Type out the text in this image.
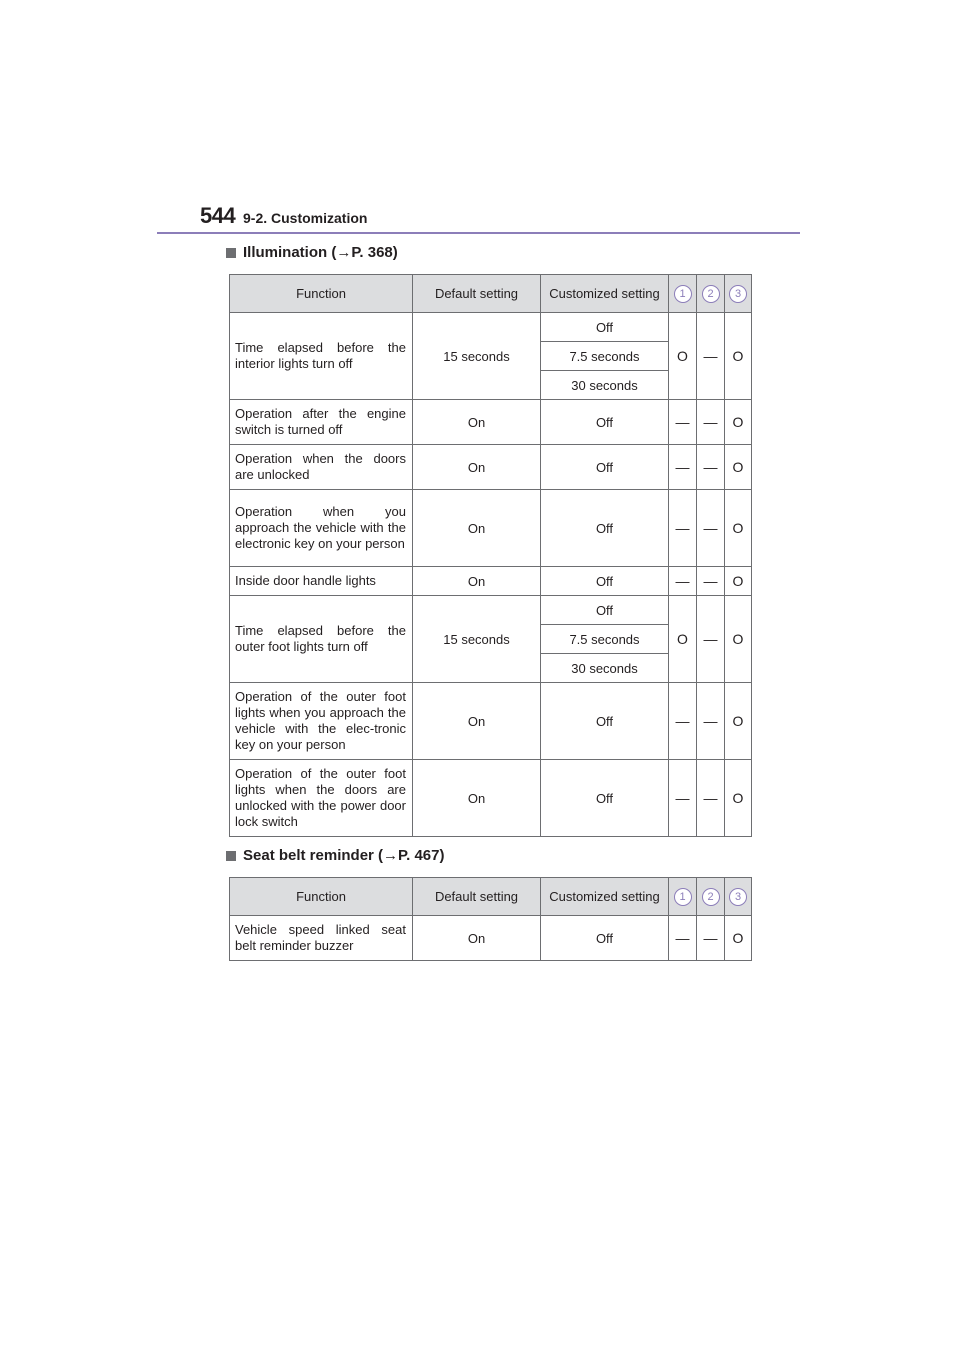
544 9-2. Customization
Illumination (→P. 368)
Function	Default setting	Customized setting	1	2	3
Time elapsed before the interior lights turn off	15 seconds	Off	O	—	O
		7.5 seconds			
		30 seconds			
Operation after the engine switch is turned off	On	Off	—	—	O
Operation when the doors are unlocked	On	Off	—	—	O
Operation when you approach the vehicle with the electronic key on your person	On	Off	—	—	O
Inside door handle lights	On	Off	—	—	O
Time elapsed before the outer foot lights turn off	15 seconds	Off	O	—	O
		7.5 seconds			
		30 seconds			
Operation of the outer foot lights when you approach the vehicle with the elec-tronic key on your person	On	Off	—	—	O
Operation of the outer foot lights when the doors are unlocked with the power door lock switch	On	Off	—	—	O
Seat belt reminder (→P. 467)
Function	Default setting	Customized setting	1	2	3
Vehicle speed linked seat belt reminder buzzer	On	Off	—	—	O
